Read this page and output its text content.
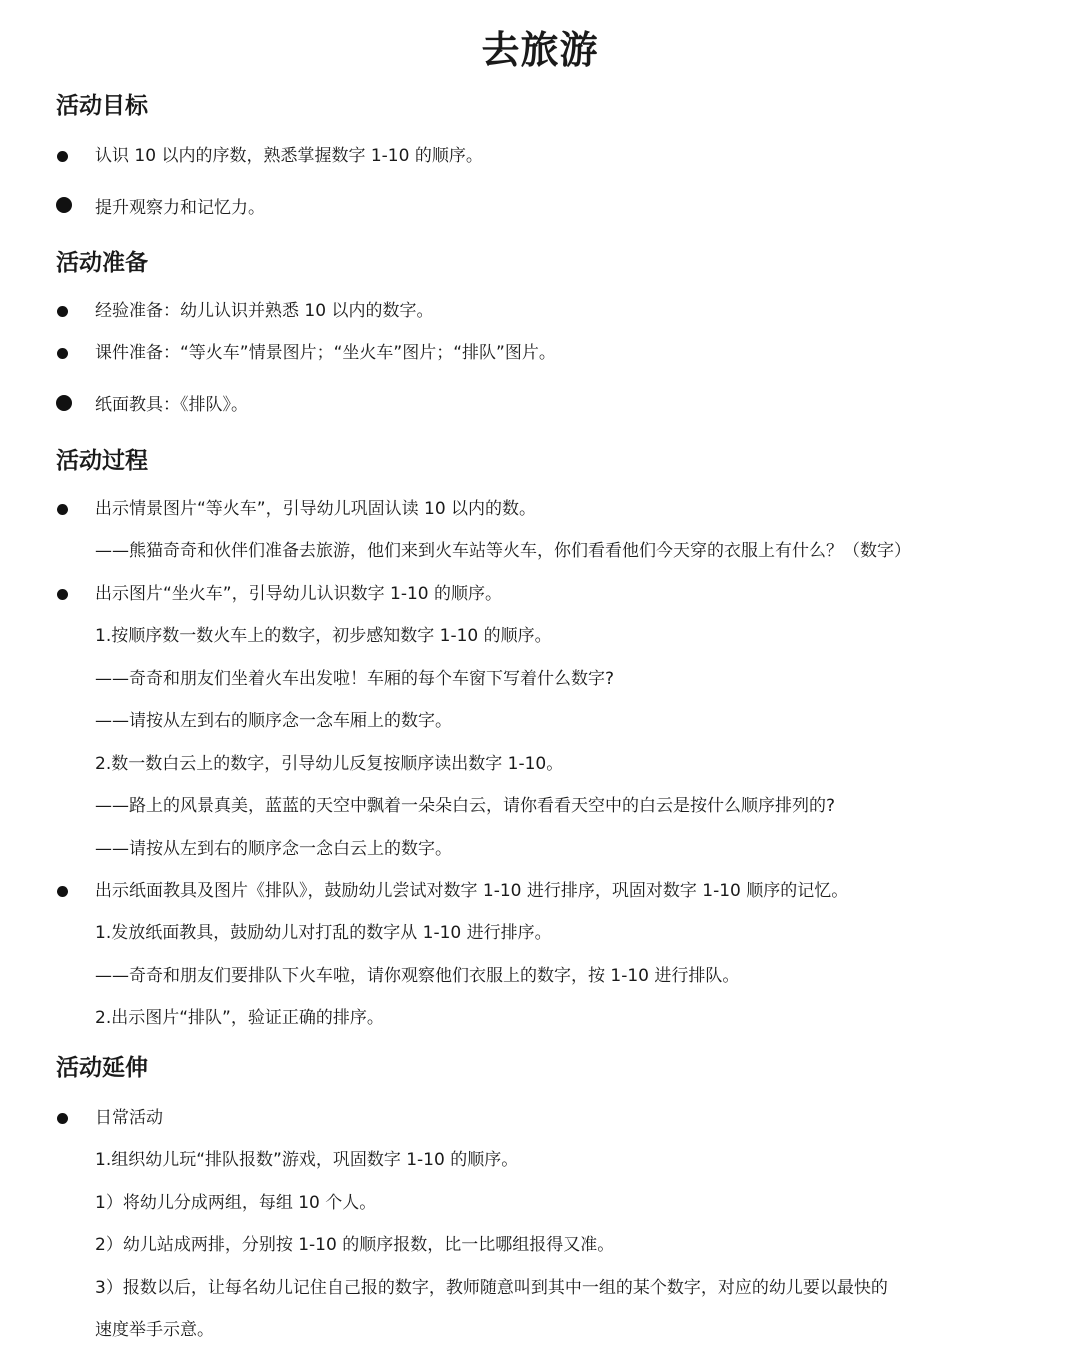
去旅游
活动目标
认识 10 以内的序数，熟悉掌握数字 1-10 的顺序。
提升观察力和记忆力。
活动准备
经验准备：幼儿认识并熟悉 10 以内的数字。
课件准备：“等火车”情景图片；“坐火车”图片；“排队”图片。
纸面教具：《排队》。
活动过程
出示情景图片“等火车”，引导幼儿巩固认读 10 以内的数。
——熊猫奇奇和伙伴们准备去旅游，他们来到火车站等火车，你们看看他们今天穿的衣服上有什么？（数字）
出示图片“坐火车”，引导幼儿认识数字 1-10 的顺序。
1.按顺序数一数火车上的数字，初步感知数字 1-10 的顺序。
——奇奇和朋友们坐着火车出发啦！车厢的每个车窗下写着什么数字?
——请按从左到右的顺序念一念车厢上的数字。
2.数一数白云上的数字，引导幼儿反复按顺序读出数字 1-10。
——路上的风景真美，蓝蓝的天空中飘着一朵朵白云，请你看看天空中的白云是按什么顺序排列的?
——请按从左到右的顺序念一念白云上的数字。
出示纸面教具及图片《排队》，鼓励幼儿尝试对数字 1-10 进行排序，巩固对数字 1-10 顺序的记忆。
1.发放纸面教具，鼓励幼儿对打乱的数字从 1-10 进行排序。
——奇奇和朋友们要排队下火车啦，请你观察他们衣服上的数字，按 1-10 进行排队。
2.出示图片“排队”，验证正确的排序。
活动延伸
日常活动
1.组织幼儿玩“排队报数”游戏，巩固数字 1-10 的顺序。
1）将幼儿分成两组，每组 10 个人。
2）幼儿站成两排，分别按 1-10 的顺序报数，比一比哪组报得又准。
3）报数以后，让每名幼儿记住自己报的数字，教师随意叫到其中一组的某个数字，对应的幼儿要以最快的
速度举手示意。
